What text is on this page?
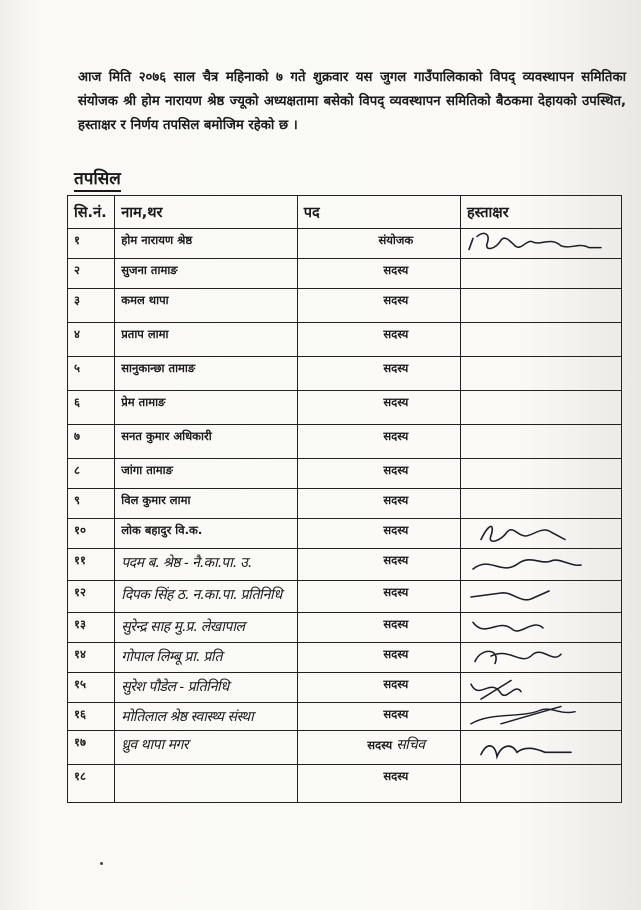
आज मिति २०७६ साल चैत्र महिनाको ७ गते शुक्रवार यस जुगल गाउँपालिकाको विपद् व्यवस्थापन समितिका संयोजक श्री होम नारायण श्रेष्ठ ज्यूको अध्यक्षतामा बसेको विपद् व्यवस्थापन समितिको बैठकमा देहायको उपस्थित, हस्ताक्षर र निर्णय तपसिल बमोजिम रहेको छ ।
तपसिल
सि.नं.	नाम,थर	पद	हस्ताक्षर
१	होम नारायण श्रेष्ठ	संयोजक	

२	सुजना तामाङ	सदस्य	
३	कमल थापा	सदस्य	
४	प्रताप लामा	सदस्य	
५	सानुकान्छा तामाङ	सदस्य	
६	प्रेम तामाङ	सदस्य	
७	सनत कुमार अधिकारी	सदस्य	
८	जांगा तामाङ	सदस्य	
९	विल कुमार लामा	सदस्य	
१०	लोक बहादुर वि.क.	सदस्य	

११	पदम ब. श्रेष्ठ - नै.का.पा. उ.	सदस्य	

१२	दिपक सिंह ठ. न.का.पा. प्रतिनिधि	सदस्य	

१३	सुरेन्द्र साह मु.प्र. लेखापाल	सदस्य	

१४	गोपाल लिम्बू प्रा. प्रति	सदस्य	

१५	सुरेश पौडेल - प्रतिनिधि	सदस्य	

१६	मोतिलाल श्रेष्ठ स्वास्थ्य संस्था	सदस्य	

१७	ध्रुव थापा मगर	सदस्य सचिव	

१८		सदस्य	
